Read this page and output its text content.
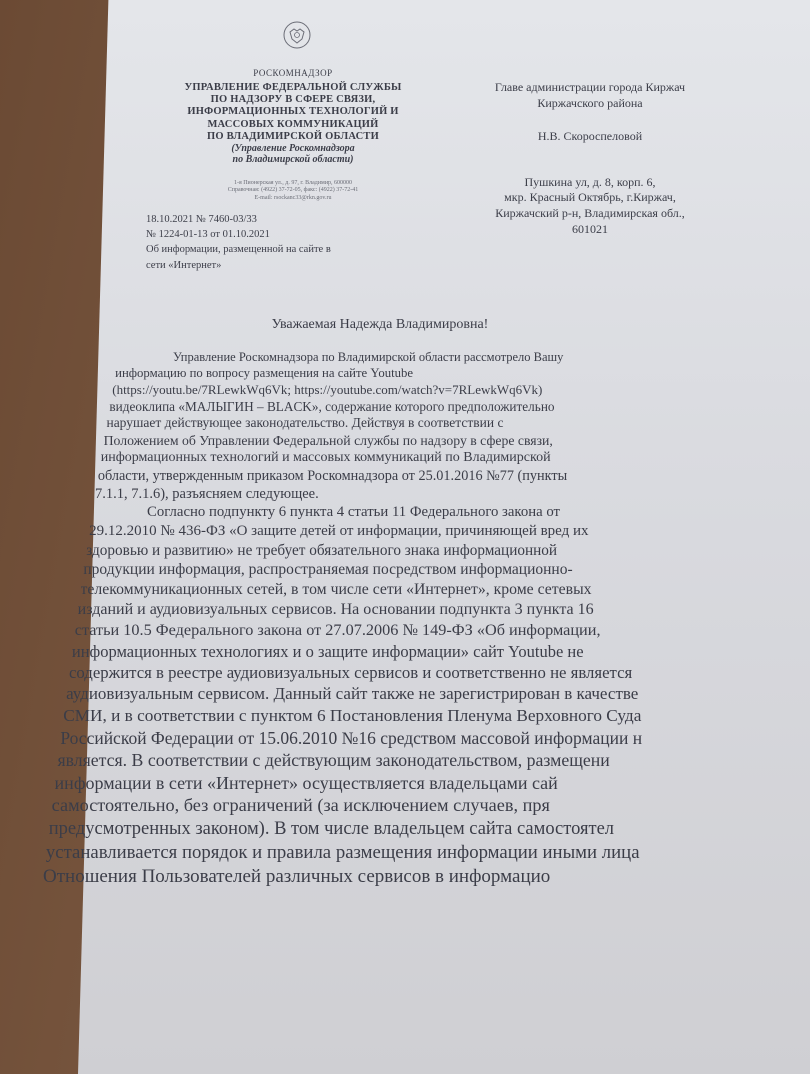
РОСКОМНАДЗОР
УПРАВЛЕНИЕ ФЕДЕРАЛЬНОЙ СЛУЖБЫ
ПО НАДЗОРУ В СФЕРЕ СВЯЗИ,
ИНФОРМАЦИОННЫХ ТЕХНОЛОГИЙ И
МАССОВЫХ КОММУНИКАЦИЙ
ПО ВЛАДИМИРСКОЙ ОБЛАСТИ
(Управление Роскомнадзора
по Владимирской области)
1-я Пионерская ул., д. 97, г. Владимир, 600000
Справочная: (4922) 37-72-05, факс: (4922) 37-72-41
E-mail: rsockanc33@rkn.gov.ru
18.10.2021 № 7460-03/33
№ 1224-01-13 от 01.10.2021
Об информации, размещенной на сайте в
сети «Интернет»
Главе администрации города Киржач
Киржачского района
Н.В. Скороспеловой
Пушкина ул, д. 8, корп. 6,
мкр. Красный Октябрь, г.Киржач,
Киржачский р-н, Владимирская обл.,
601021
Уважаемая Надежда Владимировна!
Управление Роскомнадзора по Владимирской области рассмотрело Вашу
информацию по вопросу размещения на сайте Youtube
(https://youtu.be/7RLewkWq6Vk; https://youtube.com/watch?v=7RLewkWq6Vk)
видеоклипа «МАЛЫГИН – BLACK», содержание которого предположительно
нарушает действующее законодательство. Действуя в соответствии с
Положением об Управлении Федеральной службы по надзору в сфере связи,
информационных технологий и массовых коммуникаций по Владимирской
области, утвержденным приказом Роскомнадзора от 25.01.2016 №77 (пункты
7.1.1, 7.1.6), разъясняем следующее.
Согласно подпункту 6 пункта 4 статьи 11 Федерального закона от
29.12.2010 № 436-ФЗ «О защите детей от информации, причиняющей вред их
здоровью и развитию» не требует обязательного знака информационной
продукции информация, распространяемая посредством информационно-
телекоммуникационных сетей, в том числе сети «Интернет», кроме сетевых
изданий и аудиовизуальных сервисов. На основании подпункта 3 пункта 16
статьи 10.5 Федерального закона от 27.07.2006 № 149-ФЗ «Об информации,
информационных технологиях и о защите информации» сайт Youtube не
содержится в реестре аудиовизуальных сервисов и соответственно не является
аудиовизуальным сервисом. Данный сайт также не зарегистрирован в качестве
СМИ, и в соответствии с пунктом 6 Постановления Пленума Верховного Суда
Российской Федерации от 15.06.2010 №16 средством массовой информации н
является. В соответствии с действующим законодательством, размещени
информации в сети «Интернет» осуществляется владельцами сай
самостоятельно, без ограничений (за исключением случаев, пря
предусмотренных законом). В том числе владельцем сайта самостоятел
устанавливается порядок и правила размещения информации иными лица
Отношения Пользователей различных сервисов в информацио
